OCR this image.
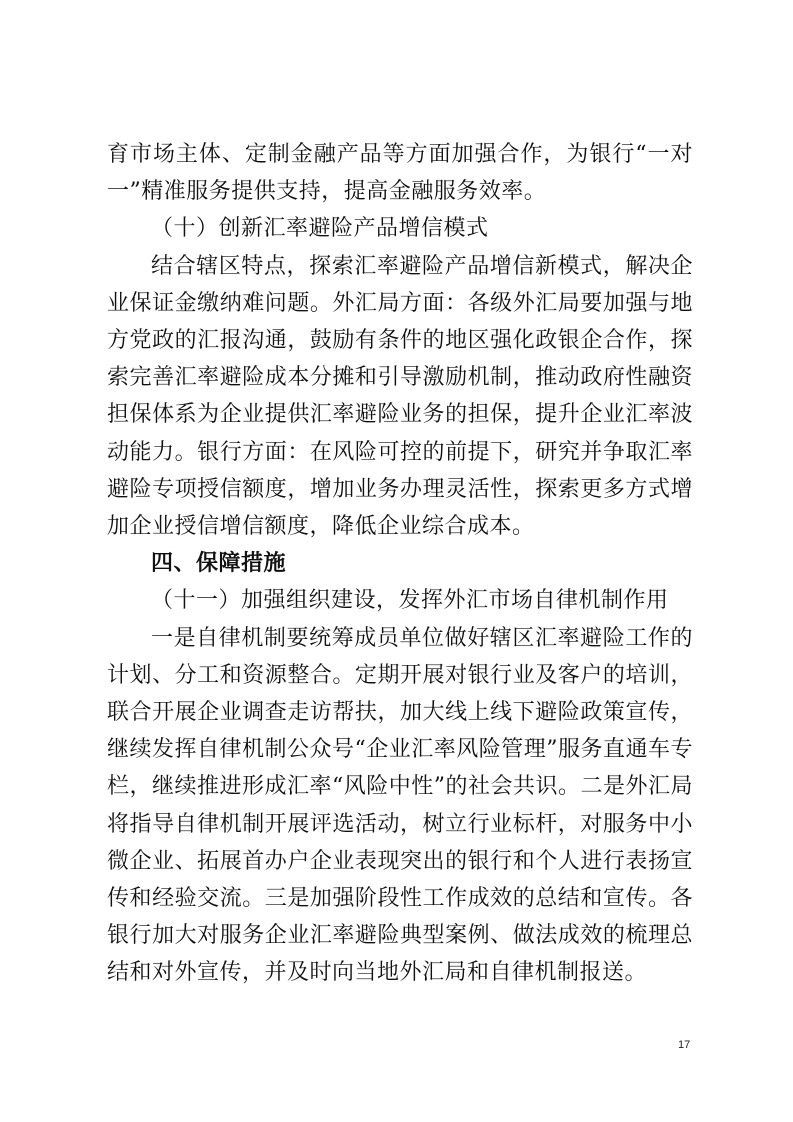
育市场主体、定制金融产品等方面加强合作，为银行“一对一”精准服务提供支持，提高金融服务效率。

（十）创新汇率避险产品增信模式

结合辖区特点，探索汇率避险产品增信新模式，解决企业保证金缴纳难问题。外汇局方面：各级外汇局要加强与地方党政的汇报沟通，鼓励有条件的地区强化政银企合作，探索完善汇率避险成本分摊和引导激励机制，推动政府性融资担保体系为企业提供汇率避险业务的担保，提升企业汇率波动能力。银行方面：在风险可控的前提下，研究并争取汇率避险专项授信额度，增加业务办理灵活性，探索更多方式增加企业授信增信额度，降低企业综合成本。

四、保障措施

（十一）加强组织建设，发挥外汇市场自律机制作用

一是自律机制要统筹成员单位做好辖区汇率避险工作的计划、分工和资源整合。定期开展对银行业及客户的培训，联合开展企业调查走访帮扶，加大线上线下避险政策宣传，继续发挥自律机制公众号“企业汇率风险管理”服务直通车专栏，继续推进形成汇率“风险中性”的社会共识。二是外汇局将指导自律机制开展评选活动，树立行业标杆，对服务中小微企业、拓展首办户企业表现突出的银行和个人进行表扬宣传和经验交流。三是加强阶段性工作成效的总结和宣传。各银行加大对服务企业汇率避险典型案例、做法成效的梳理总结和对外宣传，并及时向当地外汇局和自律机制报送。

17
